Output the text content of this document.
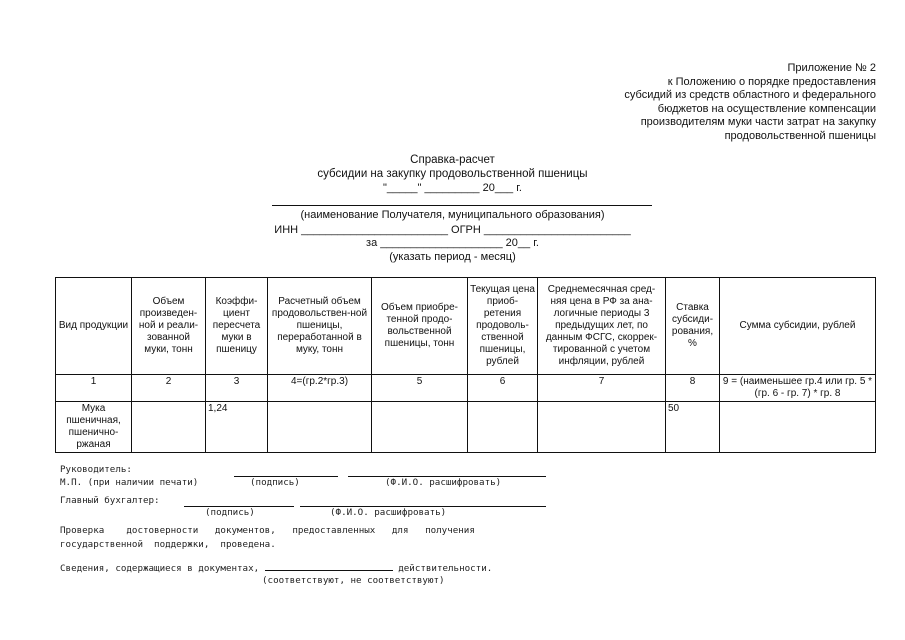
Приложение № 2
к Положению о порядке предоставления
субсидий из средств областного и федерального
бюджетов на осуществление компенсации
производителям муки части затрат на закупку
продовольственной пшеницы
Справка-расчет
субсидии на закупку продовольственной пшеницы
"_____" _________ 20___ г.
(наименование Получателя, муниципального образования)
ИНН ________________________ ОГРН ________________________
за ____________________ 20__ г.
(указать период - месяц)
Вид продукции	Объем произведен-ной и реали-зованной муки, тонн	Коэффи-циент пересчета муки в пшеницу	Расчетный объем продовольствен-ной пшеницы, переработанной в муку, тонн	Объем приобре-тенной продо-вольственной пшеницы, тонн	Текущая цена приоб-ретения продоволь-ственной пшеницы, рублей	Среднемесячная сред-няя цена в РФ за ана-логичные периоды 3 предыдущих лет, по данным ФСГС, скоррек-тированной с учетом инфляции, рублей	Ставка субсиди-рования, %	Сумма субсидии, рублей
1	2	3	4=(гр.2*гр.3)	5	6	7	8	9 = (наименьшее гр.4 или гр. 5 * (гр. 6 - гр. 7) * гр. 8
Мука пшеничная, пшенично-ржаная		1,24					50	
Руководитель:
М.П. (при наличии печати)	(подпись)	(Ф.И.О. расшифровать)
Главный бухгалтер:
(подпись)	(Ф.И.О. расшифровать)
Проверка    достоверности   документов,   предоставленных   для   получения
государственной  поддержки,  проведена.
Сведения, содержащиеся в документах,	действительности.
(соответствуют, не соответствуют)
